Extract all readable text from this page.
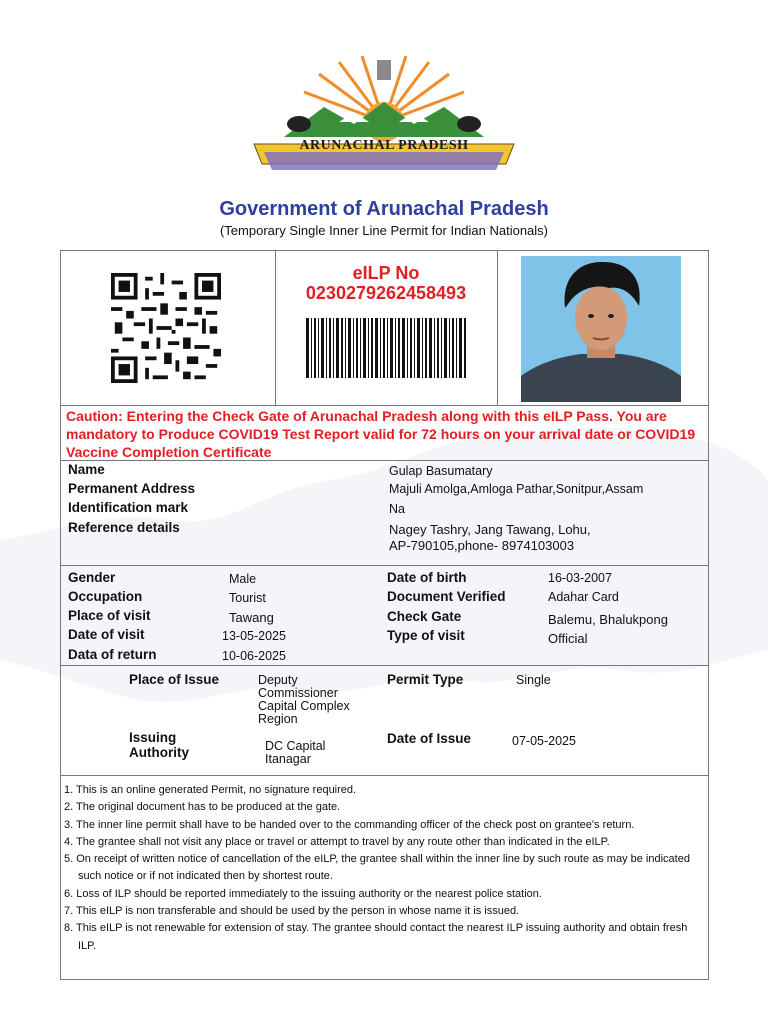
ARUNACHAL PRADESH
Government of Arunachal Pradesh
(Temporary Single Inner Line Permit for Indian Nationals)
eILP No
0230279262458493
Caution: Entering the Check Gate of Arunachal Pradesh along with this eILP Pass. You are mandatory to Produce COVID19 Test Report valid for 72 hours on your arrival date or COVID19 Vaccine Completion Certificate
Name	Gulap Basumatary
Permanent Address	Majuli Amolga,Amloga Pathar,Sonitpur,Assam
Identification mark	Na
Reference details	Nagey Tashry, Jang Tawang, Lohu,
AP-790105,phone- 8974103003
Gender	Male
Occupation	Tourist
Place of visit	Tawang
Date of visit	13-05-2025
Data of return	10-06-2025
Date of birth	16-03-2007
Document Verified	Adahar Card
Check Gate	Balemu, Bhalukpong
Type of visit	Official
Place of Issue	Deputy
Commissioner
Capital Complex
Region
Permit Type	Single
Issuing
Authority	DC Capital
Itanagar
Date of Issue	07-05-2025
1. This is an online generated Permit, no signature required.
2. The original document has to be produced at the gate.
3. The inner line permit shall have to be handed over to the commanding officer of the check post on grantee's return.
4. The grantee shall not visit any place or travel or attempt to travel by any route other than indicated in the eILP.
5. On receipt of written notice of cancellation of the eILP, the grantee shall within the inner line by such route as may be indicated such notice or if not indicated then by shortest route.
6. Loss of ILP should be reported immediately to the issuing authority or the nearest police station.
7. This eILP is non transferable and should be used by the person in whose name it is issued.
8. This eILP is not renewable for extension of stay. The grantee should contact the nearest ILP issuing authority and obtain fresh ILP.
